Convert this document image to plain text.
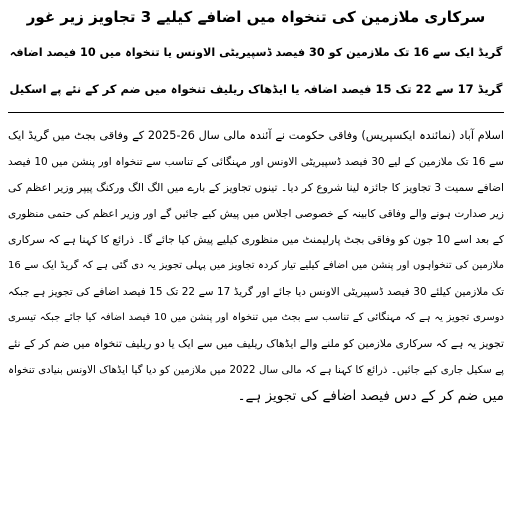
سرکاری ملازمین کی تنخواہ میں اضافے کیلیے 3 تجاویز زیر غور
گریڈ ایک سے 16 تک ملازمین کو 30 فیصد ڈسپیریٹی الاونس یا تنخواہ میں 10 فیصد اضافہ
گریڈ 17 سے 22 تک 15 فیصد اضافہ یا ایڈھاک ریلیف تنخواہ میں ضم کر کے نئے پے اسکیل
اسلام آباد (نمائندہ ایکسپریس) وفاقی حکومت نے آئندہ مالی سال 26-2025 کے وفاقی بجٹ میں گریڈ ایک
سے 16 تک ملازمین کے لیے 30 فیصد ڈسپیریٹی الاونس اور مہنگائی کے تناسب سے تنخواہ اور پنشن میں 10 فیصد
اضافے سمیت 3 تجاویز کا جائزہ لینا شروع کر دیا۔ تینوں تجاویز کے بارے میں الگ الگ ورکنگ پیپر وزیر اعظم کی
زیر صدارت ہونے والے وفاقی کابینہ کے خصوصی اجلاس میں پیش کیے جائیں گے اور وزیر اعظم کی حتمی منظوری
کے بعد اسے 10 جون کو وفاقی بجٹ پارلیمنٹ میں منظوری کیلیے پیش کیا جائے گا۔ ذرائع کا کہنا ہے کہ سرکاری
ملازمین کی تنخواہوں اور پنشن میں اضافے کیلیے تیار کردہ تجاویز میں پہلی تجویز یہ دی گئی ہے کہ گریڈ ایک سے 16
تک ملازمین کیلئے 30 فیصد ڈسپیریٹی الاونس دیا جائے اور گریڈ 17 سے 22 تک 15 فیصد اضافے کی تجویز ہے جبکہ
دوسری تجویز یہ ہے کہ مہنگائی کے تناسب سے بجٹ میں تنخواہ اور پنشن میں 10 فیصد اضافہ کیا جائے جبکہ تیسری
تجویز یہ ہے کہ سرکاری ملازمین کو ملنے والے ایڈھاک ریلیف میں سے ایک یا دو ریلیف تنخواہ میں ضم کر کے نئے
پے سکیل جاری کیے جائیں۔ ذرائع کا کہنا ہے کہ مالی سال 2022 میں ملازمین کو دیا گیا ایڈھاک الاونس بنیادی تنخواہ
میں ضم کر کے دس فیصد اضافے کی تجویز ہے۔
